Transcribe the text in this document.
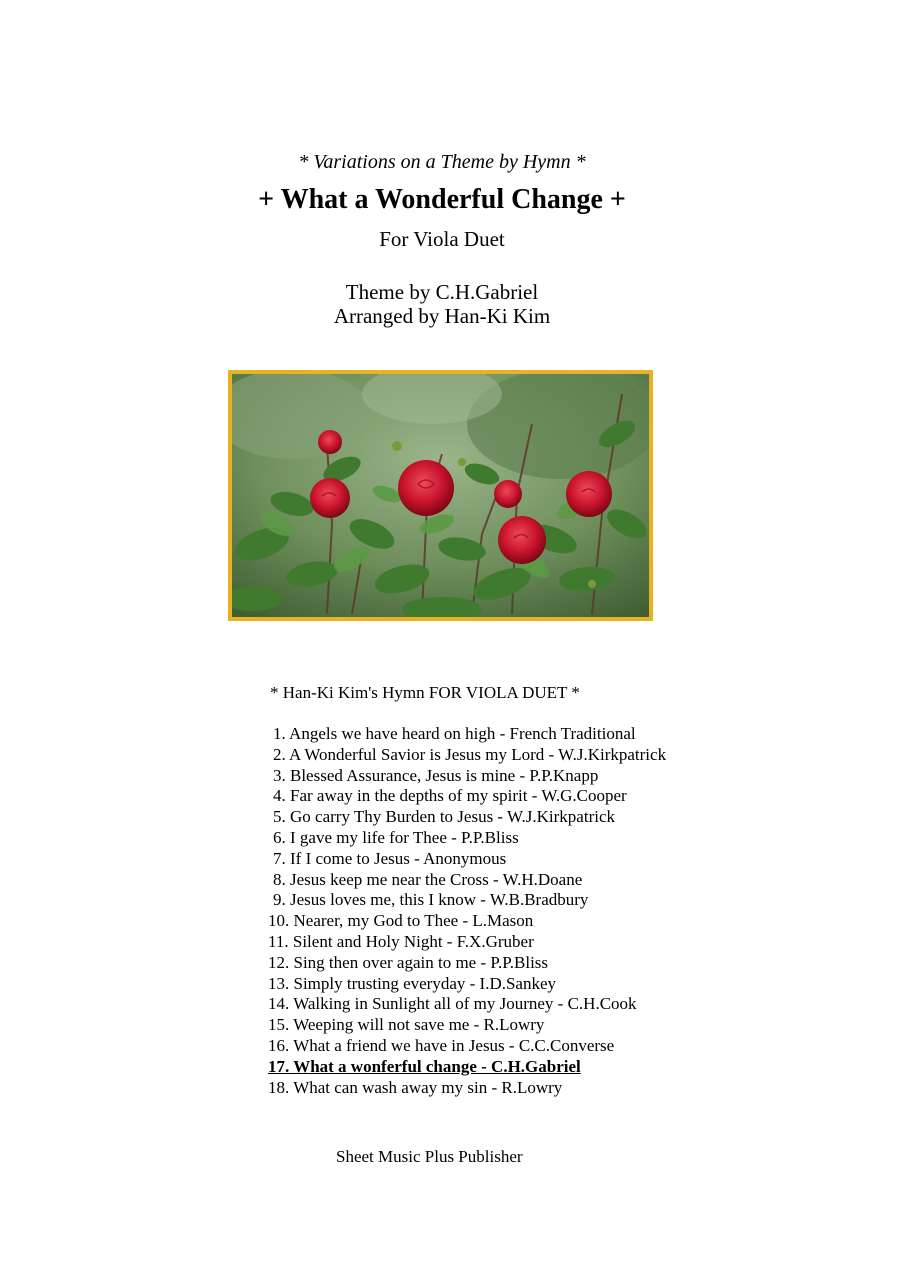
* Variations on a Theme by Hymn *
+ What a Wonderful Change +
For Viola Duet
Theme by C.H.Gabriel
Arranged by Han-Ki Kim
* Han-Ki Kim's Hymn FOR VIOLA DUET *
1. Angels we have heard on high - French Traditional
2. A Wonderful Savior is Jesus my Lord - W.J.Kirkpatrick
3. Blessed Assurance, Jesus is mine - P.P.Knapp
4. Far away in the depths of my spirit - W.G.Cooper
5. Go carry Thy Burden to Jesus - W.J.Kirkpatrick
6. I gave my life for Thee - P.P.Bliss
7. If I come to Jesus - Anonymous
8. Jesus keep me near the Cross - W.H.Doane
9. Jesus loves me, this I know - W.B.Bradbury
10. Nearer, my God to Thee - L.Mason
11. Silent and Holy Night - F.X.Gruber
12. Sing then over again to me - P.P.Bliss
13. Simply trusting everyday - I.D.Sankey
14. Walking in Sunlight all of my Journey - C.H.Cook
15. Weeping will not save me - R.Lowry
16. What a friend we have in Jesus - C.C.Converse
17. What a wonferful change - C.H.Gabriel
18. What can wash away my sin - R.Lowry
Sheet Music Plus Publisher
